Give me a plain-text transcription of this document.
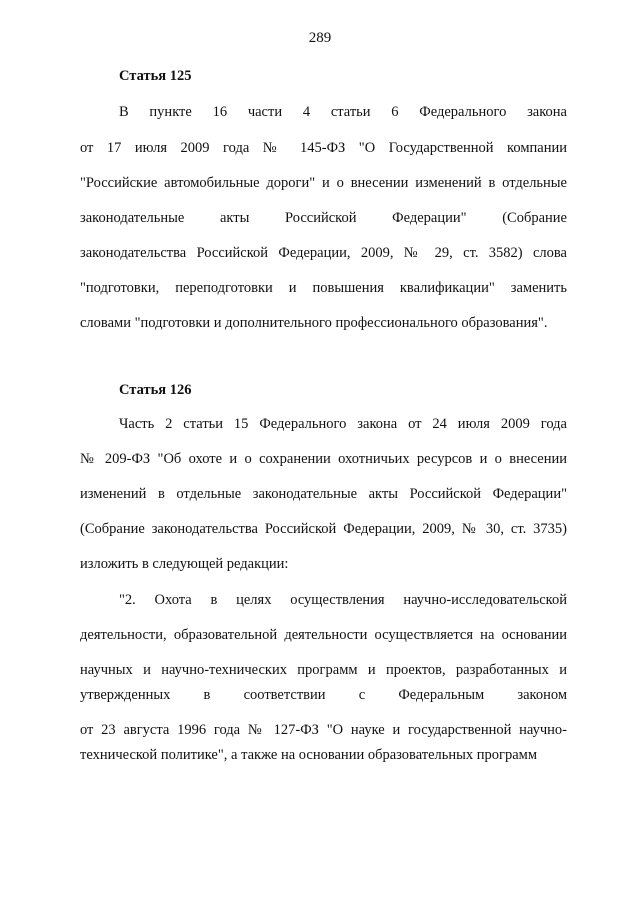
289
Статья 125
В пункте 16 части 4 статьи 6 Федерального закона
от 17 июля 2009 года № 145-ФЗ "О Государственной компании
"Российские автомобильные дороги" и о внесении изменений в отдельные
законодательные акты Российской Федерации" (Собрание
законодательства Российской Федерации, 2009, № 29, ст. 3582) слова
"подготовки, переподготовки и повышения квалификации" заменить
словами "подготовки и дополнительного профессионального образования".
Статья 126
Часть 2 статьи 15 Федерального закона от 24 июля 2009 года
№ 209-ФЗ "Об охоте и о сохранении охотничьих ресурсов и о внесении
изменений в отдельные законодательные акты Российской Федерации"
(Собрание законодательства Российской Федерации, 2009, № 30, ст. 3735)
изложить в следующей редакции:
"2. Охота в целях осуществления научно-исследовательской
деятельности, образовательной деятельности осуществляется на основании
научных и научно-технических программ и проектов, разработанных и
утвержденных в соответствии с Федеральным законом
от 23 августа 1996 года № 127-ФЗ "О науке и государственной научно-
технической политике", а также на основании образовательных программ
